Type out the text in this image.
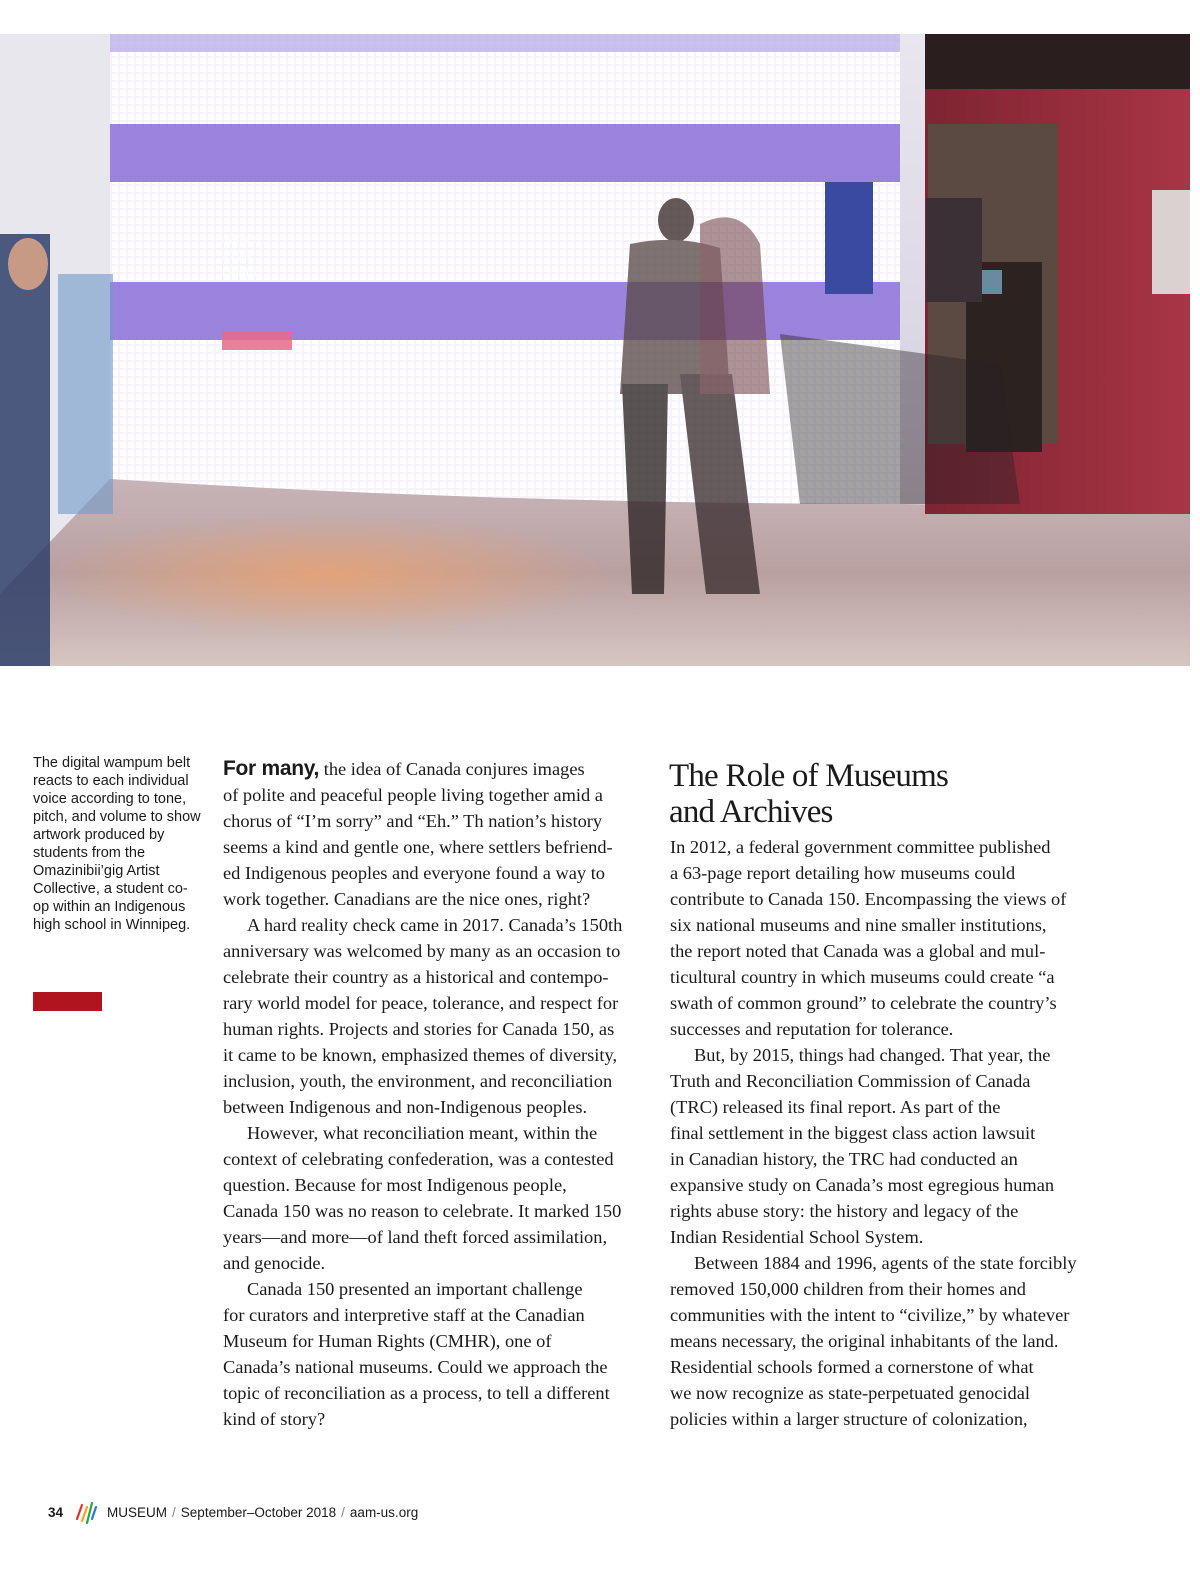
James
1798
Death
The digital wampum belt reacts to each individual voice according to tone, pitch, and volume to show artwork produced by students from the Omazinibii’gig Artist Collective, a student co-op within an Indigenous high school in Winnipeg.

For many, the idea of Canada conjures images

of polite and peaceful people living together amid a

chorus of “I’m sorry” and “Eh.” Th nation’s history

seems a kind and gentle one, where settlers befriend-

ed Indigenous peoples and everyone found a way to

work together. Canadians are the nice ones, right?

A hard reality check came in 2017. Canada’s 150th

anniversary was welcomed by many as an occasion to

celebrate their country as a historical and contempo-

rary world model for peace, tolerance, and respect for

human rights. Projects and stories for Canada 150, as

it came to be known, emphasized themes of diversity,

inclusion, youth, the environment, and reconciliation

between Indigenous and non-Indigenous peoples.

However, what reconciliation meant, within the

context of celebrating confederation, was a contested

question. Because for most Indigenous people,

Canada 150 was no reason to celebrate. It marked 150

years—and more—of land theft forced assimilation,

and genocide.

Canada 150 presented an important challenge

for curators and interpretive staff at the Canadian

Museum for Human Rights (CMHR), one of

Canada’s national museums. Could we approach the

topic of reconciliation as a process, to tell a different

kind of story?

The Role of Museums
and Archives

In 2012, a federal government committee published

a 63-page report detailing how museums could

contribute to Canada 150. Encompassing the views of

six national museums and nine smaller institutions,

the report noted that Canada was a global and mul-

ticultural country in which museums could create “a

swath of common ground” to celebrate the country’s

successes and reputation for tolerance.

But, by 2015, things had changed. That year, the

Truth and Reconciliation Commission of Canada

(TRC) released its final report. As part of the

final settlement in the biggest class action lawsuit

in Canadian history, the TRC had conducted an

expansive study on Canada’s most egregious human

rights abuse story: the history and legacy of the

Indian Residential School System.

Between 1884 and 1996, agents of the state forcibly

removed 150,000 children from their homes and

communities with the intent to “civilize,” by whatever

means necessary, the original inhabitants of the land.

Residential schools formed a cornerstone of what

we now recognize as state-perpetuated genocidal

policies within a larger structure of colonization,

34	MUSEUM / September–October 2018 / aam-us.org
